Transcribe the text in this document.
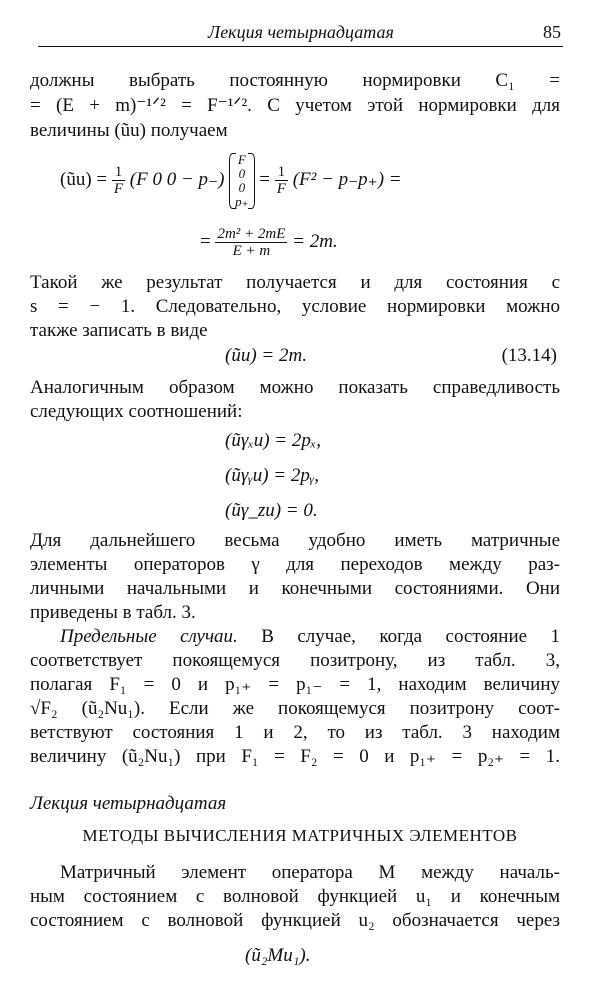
Лекция четырнадцатая	85
должны выбрать постоянную нормировки C₁ =
= (E + m)⁻¹ᐟ² = F⁻¹ᐟ². С учетом этой нормировки для
величины (ũu) получаем
(ũu) = $\frac{1}{F} (F$ 0 0 − p₋)
F
0
0
p₊
= $\frac{1}{F} (F^2 - p_-p_+)$ =
= $\frac{\text{2m² + 2mE}}{E + m} = 2m$.
Такой же результат получается и для состояния с
s = − 1. Следовательно, условие нормировки можно
также записать в виде
(ũu) = 2m.	(13.14)
Аналогичным образом можно показать справедливость
следующих соотношений:
(ũγₓu) = 2pₓ,
(ũγᵧu) = 2pᵧ,
(ũγ_zu) = 0.
Для дальнейшего весьма удобно иметь матричные
элементы операторов γ для переходов между раз-
личными начальными и конечными состояниями. Они
приведены в табл. 3.
Предельные случаи. В случае, когда состояние 1
соответствует покоящемуся позитрону, из табл. 3,
полагая F₁ = 0 и p₁₊ = p₁₋ = 1, находим величину
√F₂ (ũ₂Nu₁). Если же покоящемуся позитрону соот-
ветствуют состояния 1 и 2, то из табл. 3 находим
величину (ũ₂Nu₁) при F₁ = F₂ = 0 и p₁₊ = p₂₊ = 1.
Лекция четырнадцатая
МЕТОДЫ ВЫЧИСЛЕНИЯ МАТРИЧНЫХ ЭЛЕМЕНТОВ
Матричный элемент оператора M между началь-
ным состоянием с волновой функцией u₁ и конечным
состоянием с волновой функцией u₂ обозначается через
(ũ₂Mu₁).
